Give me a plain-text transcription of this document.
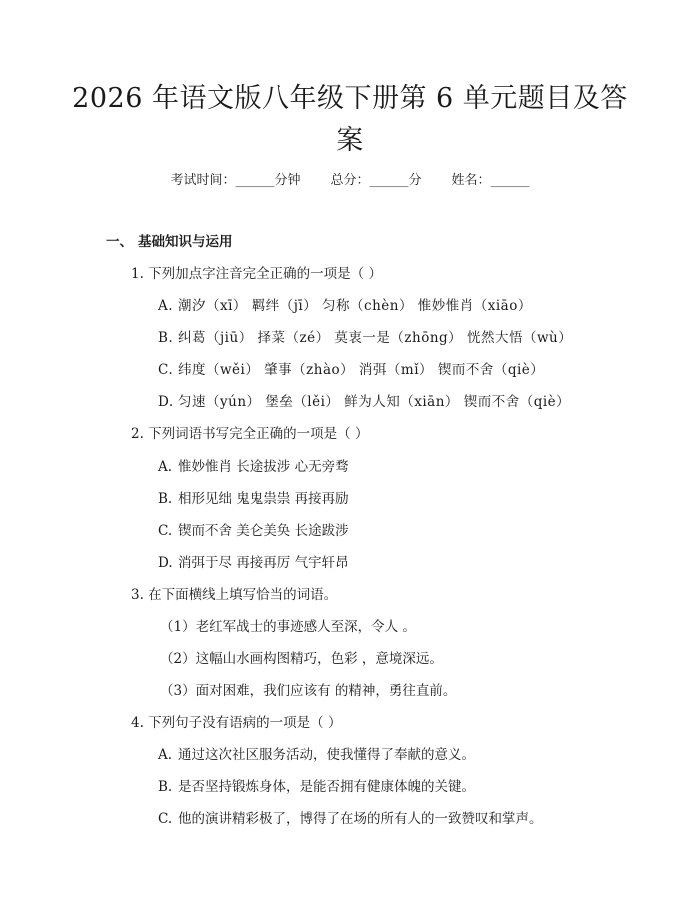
2026 年语文版八年级下册第 6 单元题目及答
案
考试时间：______分钟 总分：______分 姓名：______
一、 基础知识与运用
1. 下列加点字注音完全正确的一项是（ ）
A. 潮汐（xī） 羁绊（jī） 匀称（chèn） 惟妙惟肖（xiāo）
B. 纠葛（jiū） 择菜（zé） 莫衷一是（zhōng） 恍然大悟（wù）
C. 纬度（wěi） 肇事（zhào） 消弭（mǐ） 锲而不舍（qiè）
D. 匀速（yún） 堡垒（lěi） 鲜为人知（xiān） 锲而不舍（qiè）
2. 下列词语书写完全正确的一项是（ ）
A. 惟妙惟肖 长途拔涉 心无旁骛
B. 相形见绌 鬼鬼祟祟 再接再励
C. 锲而不舍 美仑美奂 长途跋涉
D. 消弭于尽 再接再厉 气宇轩昂
3. 在下面横线上填写恰当的词语。
（1）老红军战士的事迹感人至深，令人 。
（2）这幅山水画构图精巧，色彩 ，意境深远。
（3）面对困难，我们应该有 的精神，勇往直前。
4. 下列句子没有语病的一项是（ ）
A. 通过这次社区服务活动，使我懂得了奉献的意义。
B. 是否坚持锻炼身体，是能否拥有健康体魄的关键。
C. 他的演讲精彩极了，博得了在场的所有人的一致赞叹和掌声。
